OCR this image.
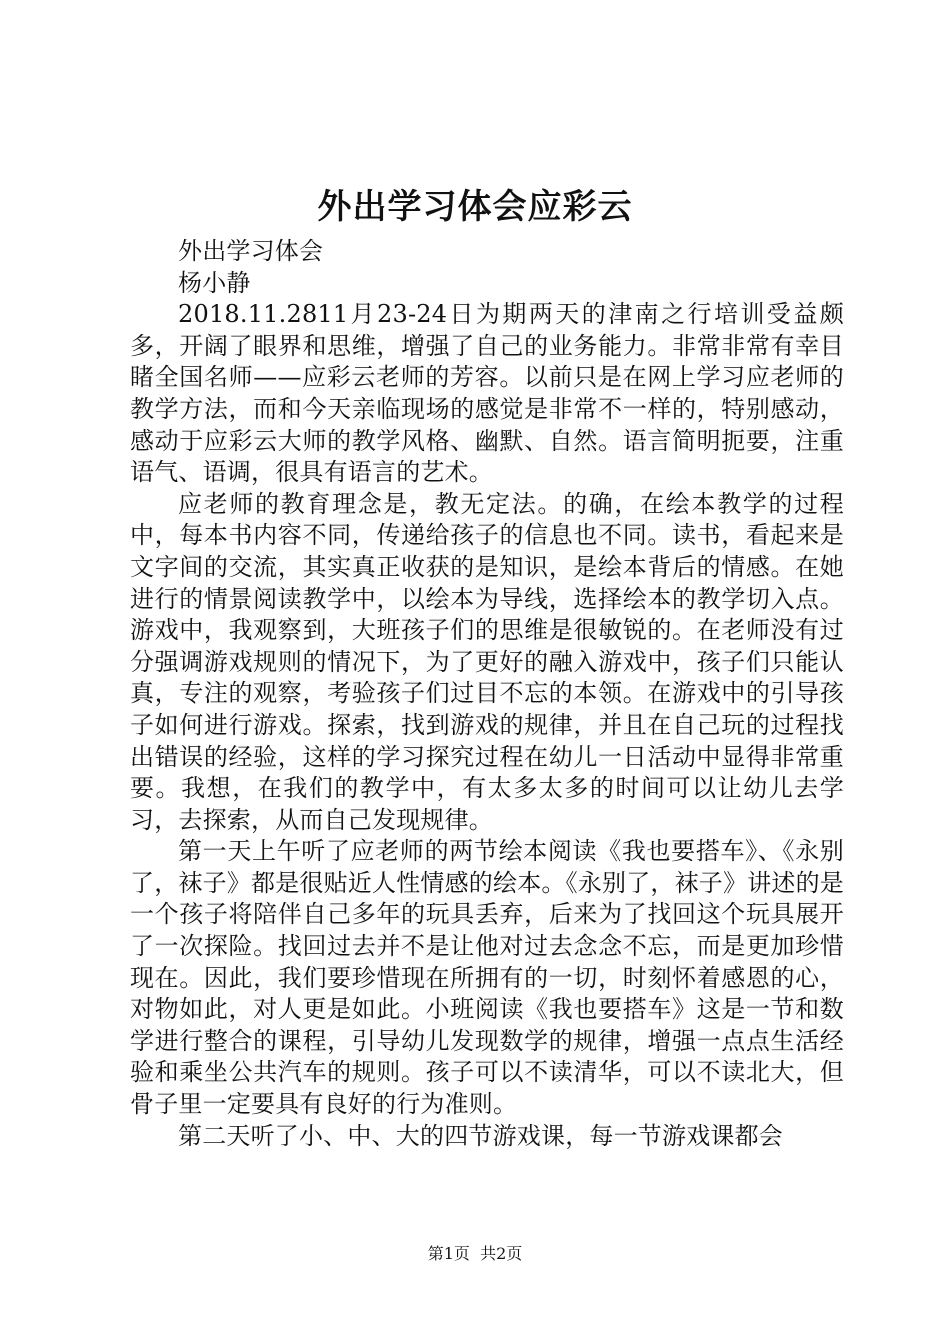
外出学习体会应彩云

外出学习体会

杨小静

2018.11.2811月23-24日为期两天的津南之行培训受益颇多，开阔了眼界和思维，增强了自己的业务能力。非常非常有幸目睹全国名师——应彩云老师的芳容。以前只是在网上学习应老师的教学方法，而和今天亲临现场的感觉是非常不一样的，特别感动，感动于应彩云大师的教学风格、幽默、自然。语言简明扼要，注重语气、语调，很具有语言的艺术。

应老师的教育理念是，教无定法。的确，在绘本教学的过程中，每本书内容不同，传递给孩子的信息也不同。读书，看起来是文字间的交流，其实真正收获的是知识，是绘本背后的情感。在她进行的情景阅读教学中，以绘本为导线，选择绘本的教学切入点。游戏中，我观察到，大班孩子们的思维是很敏锐的。在老师没有过分强调游戏规则的情况下，为了更好的融入游戏中，孩子们只能认真，专注的观察，考验孩子们过目不忘的本领。在游戏中的引导孩子如何进行游戏。探索，找到游戏的规律，并且在自己玩的过程找出错误的经验，这样的学习探究过程在幼儿一日活动中显得非常重要。我想，在我们的教学中，有太多太多的时间可以让幼儿去学习，去探索，从而自己发现规律。

第一天上午听了应老师的两节绘本阅读《我也要搭车》、《永别了，袜子》都是很贴近人性情感的绘本。《永别了，袜子》讲述的是一个孩子将陪伴自己多年的玩具丢弃，后来为了找回这个玩具展开了一次探险。找回过去并不是让他对过去念念不忘，而是更加珍惜现在。因此，我们要珍惜现在所拥有的一切，时刻怀着感恩的心，对物如此，对人更是如此。小班阅读《我也要搭车》这是一节和数学进行整合的课程，引导幼儿发现数学的规律，增强一点点生活经验和乘坐公共汽车的规则。孩子可以不读清华，可以不读北大，但骨子里一定要具有良好的行为准则。

第二天听了小、中、大的四节游戏课，每一节游戏课都会

第1页 共2页
